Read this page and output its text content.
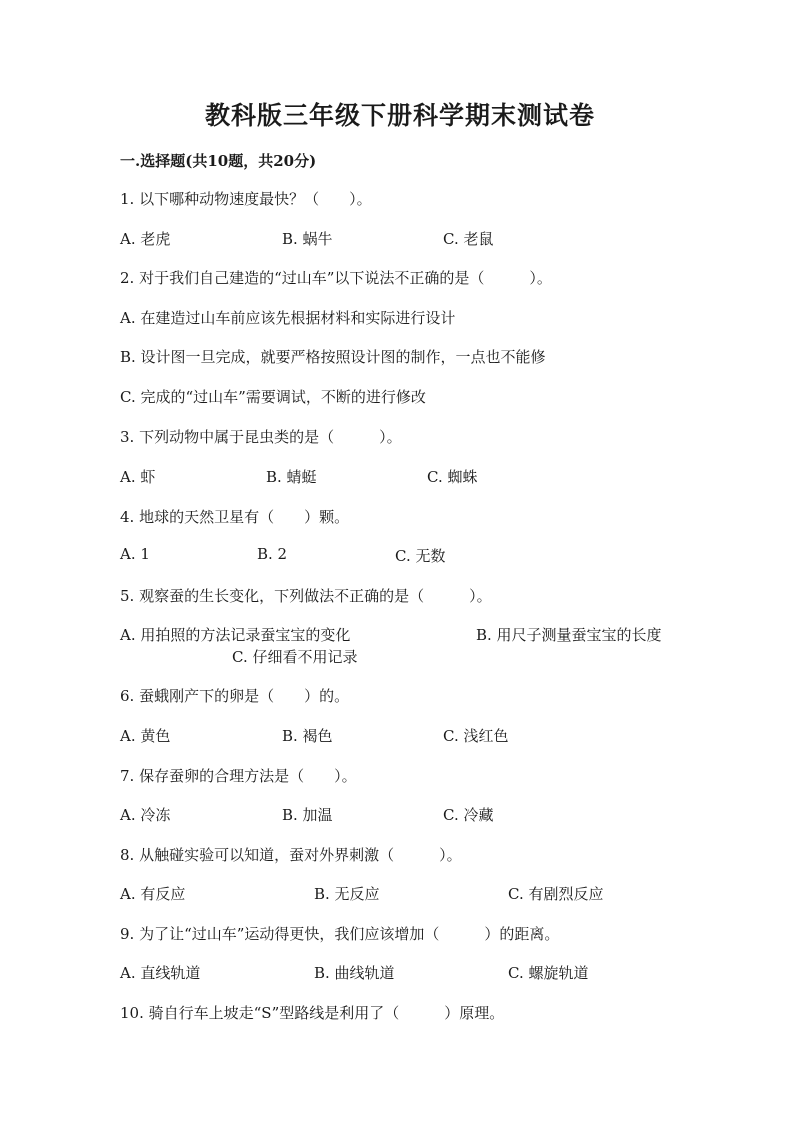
教科版三年级下册科学期末测试卷
一.选择题(共10题，共20分)
1. 以下哪种动物速度最快？（　　）。
A. 老虎	B. 蜗牛	C. 老鼠
2. 对于我们自己建造的“过山车”以下说法不正确的是（　　　）。
A. 在建造过山车前应该先根据材料和实际进行设计
B. 设计图一旦完成，就要严格按照设计图的制作，一点也不能修
C. 完成的“过山车”需要调试，不断的进行修改
3. 下列动物中属于昆虫类的是（　　　）。
A. 虾	B. 蜻蜓	C. 蜘蛛
4. 地球的天然卫星有（　　）颗。
A. 1	B. 2	C. 无数
5. 观察蚕的生长变化，下列做法不正确的是（　　　）。
A. 用拍照的方法记录蚕宝宝的变化	B. 用尺子测量蚕宝宝的长度
C. 仔细看不用记录
6. 蚕蛾刚产下的卵是（　　）的。
A. 黄色	B. 褐色	C. 浅红色
7. 保存蚕卵的合理方法是（　　）。
A. 冷冻	B. 加温	C. 冷藏
8. 从触碰实验可以知道，蚕对外界刺激（　　　）。
A. 有反应	B. 无反应	C. 有剧烈反应
9. 为了让“过山车”运动得更快，我们应该增加（　　　）的距离。
A. 直线轨道	B. 曲线轨道	C. 螺旋轨道
10. 骑自行车上坡走“S”型路线是利用了（　　　）原理。
